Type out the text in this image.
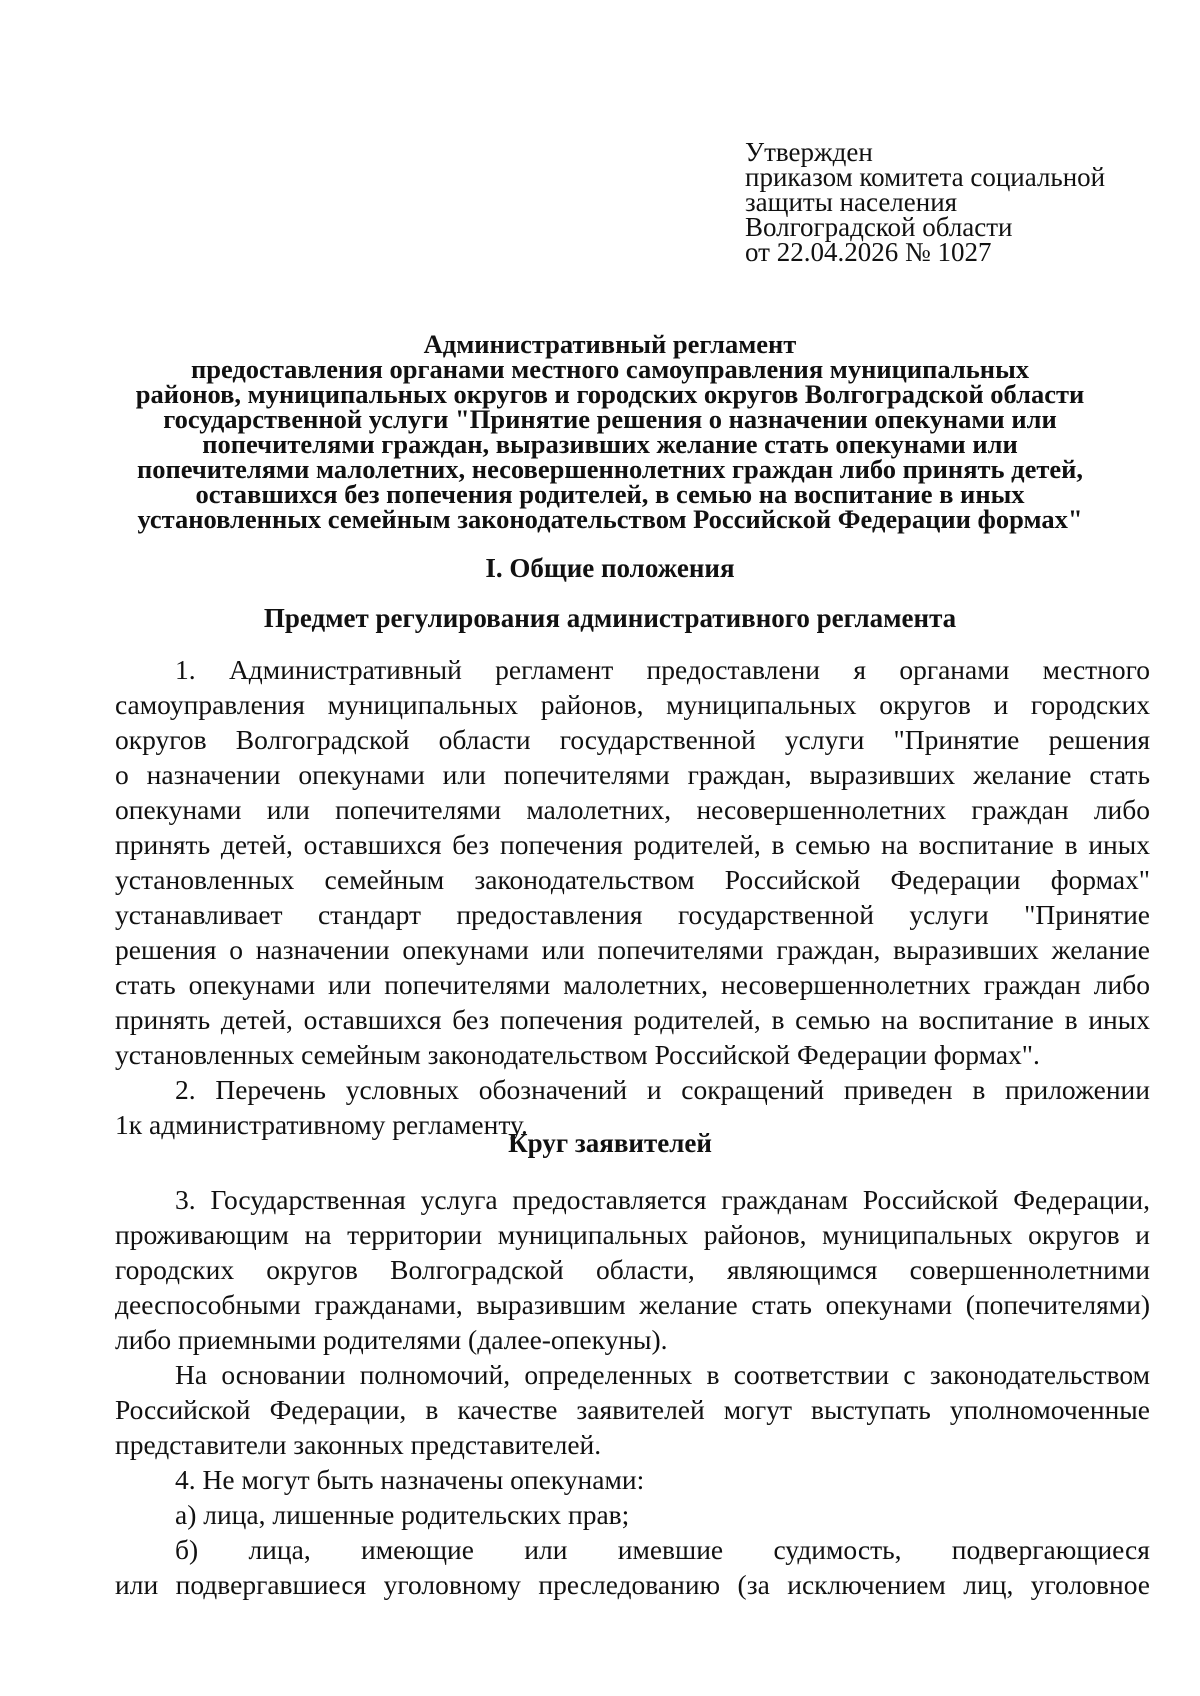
Утвержден
приказом комитета социальной
защиты населения
Волгоградской области
от 22.04.2026 № 1027
Административный регламент
предоставления органами местного самоуправления муниципальных
районов, муниципальных округов и городских округов Волгоградской области
государственной услуги "Принятие решения о назначении опекунами или
попечителями граждан, выразивших желание стать опекунами или
попечителями малолетних, несовершеннолетних граждан либо принять детей,
оставшихся без попечения родителей, в семью на воспитание в иных
установленных семейным законодательством Российской Федерации формах"
I. Общие положения
Предмет регулирования административного регламента
1. Административный регламент предоставлени я органами местного
самоуправления муниципальных районов, муниципальных округов и городских
округов Волгоградской области государственной услуги "Принятие решения
о назначении опекунами или попечителями граждан, выразивших желание стать
опекунами или попечителями малолетних, несовершеннолетних граждан либо
принять детей, оставшихся без попечения родителей, в семью на воспитание в иных
установленных семейным законодательством Российской Федерации формах"
устанавливает стандарт предоставления государственной услуги "Принятие
решения о назначении опекунами или попечителями граждан, выразивших желание
стать опекунами или попечителями малолетних, несовершеннолетних граждан либо
принять детей, оставшихся без попечения родителей, в семью на воспитание в иных
установленных семейным законодательством Российской Федерации формах".
2. Перечень условных обозначений и сокращений приведен в приложении
1к административному регламенту.
Круг заявителей
3. Государственная услуга предоставляется гражданам Российской Федерации,
проживающим на территории муниципальных районов, муниципальных округов и
городских округов Волгоградской области, являющимся совершеннолетними
дееспособными гражданами, выразившим желание стать опекунами (попечителями)
либо приемными родителями (далее-опекуны).
На основании полномочий, определенных в соответствии с законодательством
Российской Федерации, в качестве заявителей могут выступать уполномоченные
представители законных представителей.
4. Не могут быть назначены опекунами:
а) лица, лишенные родительских прав;
б) лица, имеющие или имевшие судимость, подвергающиеся
или подвергавшиеся уголовному преследованию (за исключением лиц, уголовное
